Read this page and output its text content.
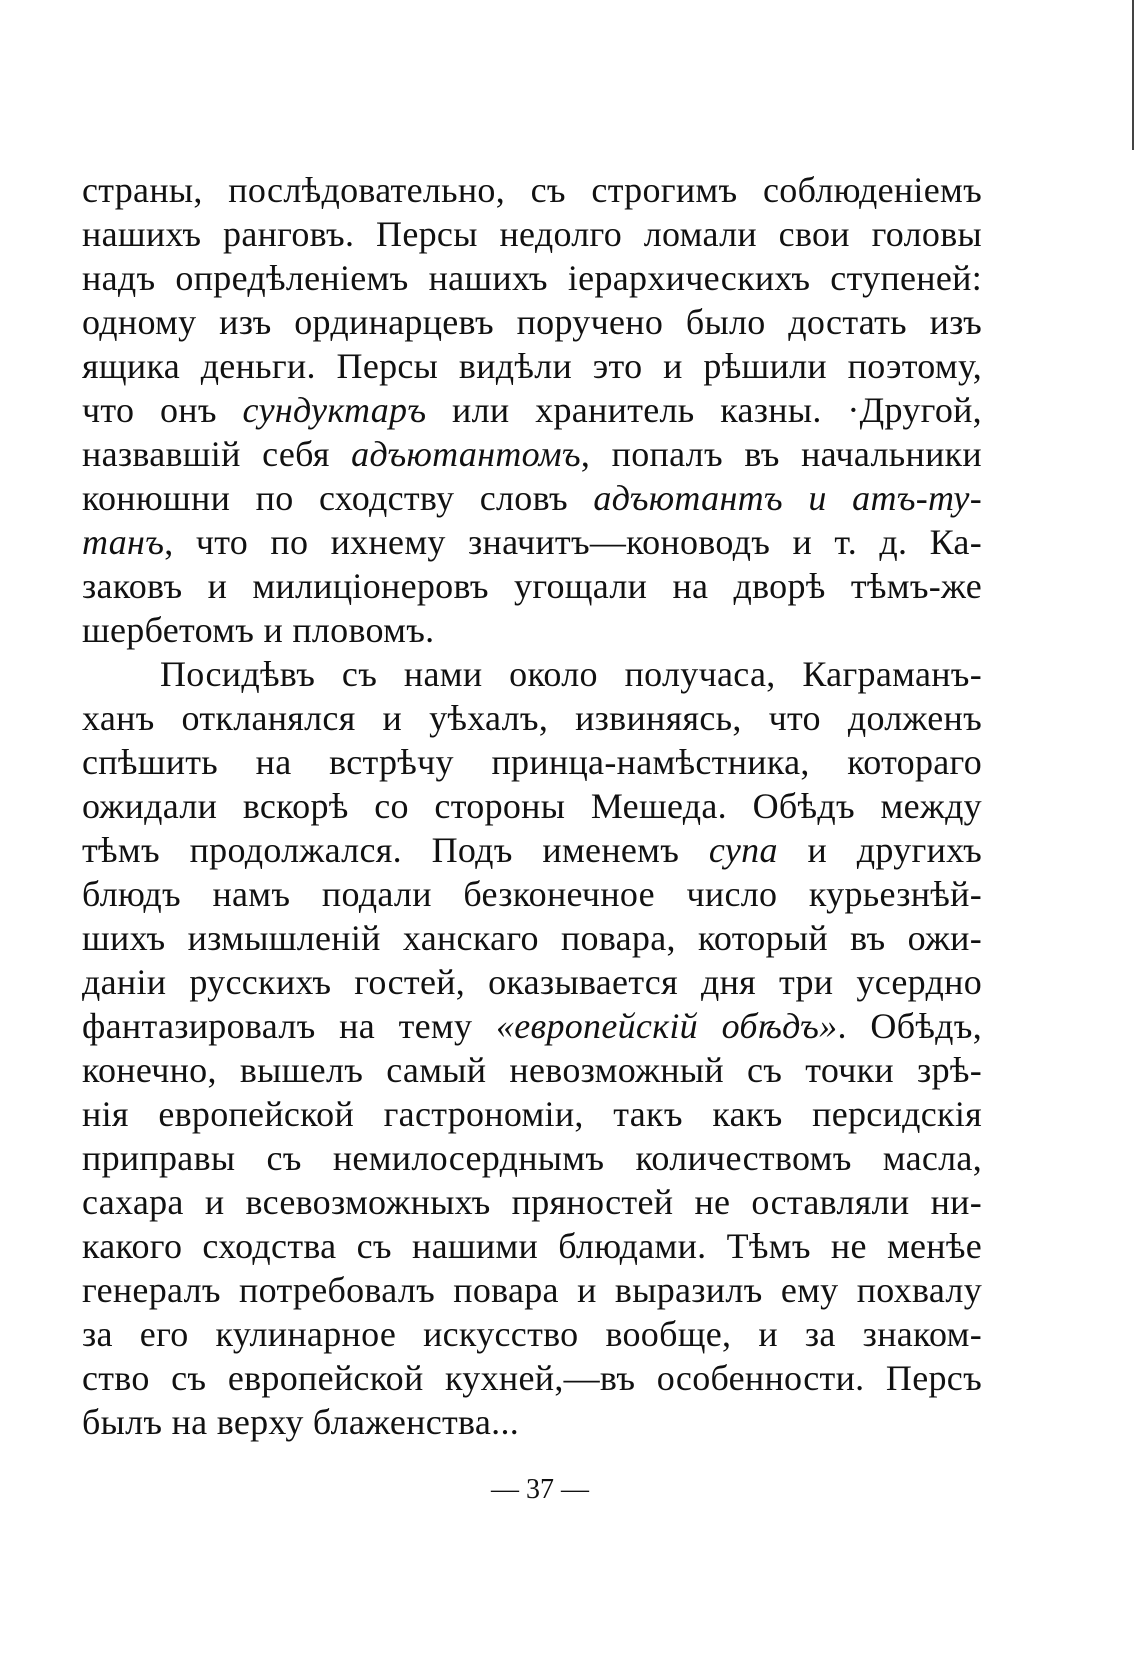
страны, послѣдовательно, съ строгимъ соблюденiемъ
нашихъ ранговъ. Персы недолго ломали свои головы
надъ опредѣленiемъ нашихъ iерархическихъ ступеней:
одному изъ ординарцевъ поручено было достать изъ
ящика деньги. Персы видѣли это и рѣшили поэтому,
что онъ сундуктаръ или хранитель казны. ·Другой,
назвавшiй себя адъютантомъ, попалъ въ начальники
конюшни по сходству словъ адъютантъ и атъ-ту-
танъ, что по ихнему значитъ—коноводъ и т. д. Ка-
заковъ и милицiонеровъ угощали на дворѣ тѣмъ-же
шербетомъ и пловомъ.
Посидѣвъ съ нами около получаса, Каграманъ-
ханъ откланялся и уѣхалъ, извиняясь, что долженъ
спѣшить на встрѣчу принца-намѣстника, котораго
ожидали вскорѣ со стороны Мешеда. Обѣдъ между
тѣмъ продолжался. Подъ именемъ супа и другихъ
блюдъ намъ подали безконечное число курьезнѣй-
шихъ измышленiй ханскаго повара, который въ ожи-
данiи русскихъ гостей, оказывается дня три усердно
фантазировалъ на тему «европейскiй обѣдъ». Обѣдъ,
конечно, вышелъ самый невозможный съ точки зрѣ-
нiя европейской гастрономiи, такъ какъ персидскiя
приправы съ немилосерднымъ количествомъ масла,
сахара и всевозможныхъ пряностей не оставляли ни-
какого сходства съ нашими блюдами. Тѣмъ не менѣе
генералъ потребовалъ повара и выразилъ ему похвалу
за его кулинарное искусство вообще, и за знаком-
ство съ европейской кухней,—въ особенности. Персъ
былъ на верху блаженства...
— 37 —
